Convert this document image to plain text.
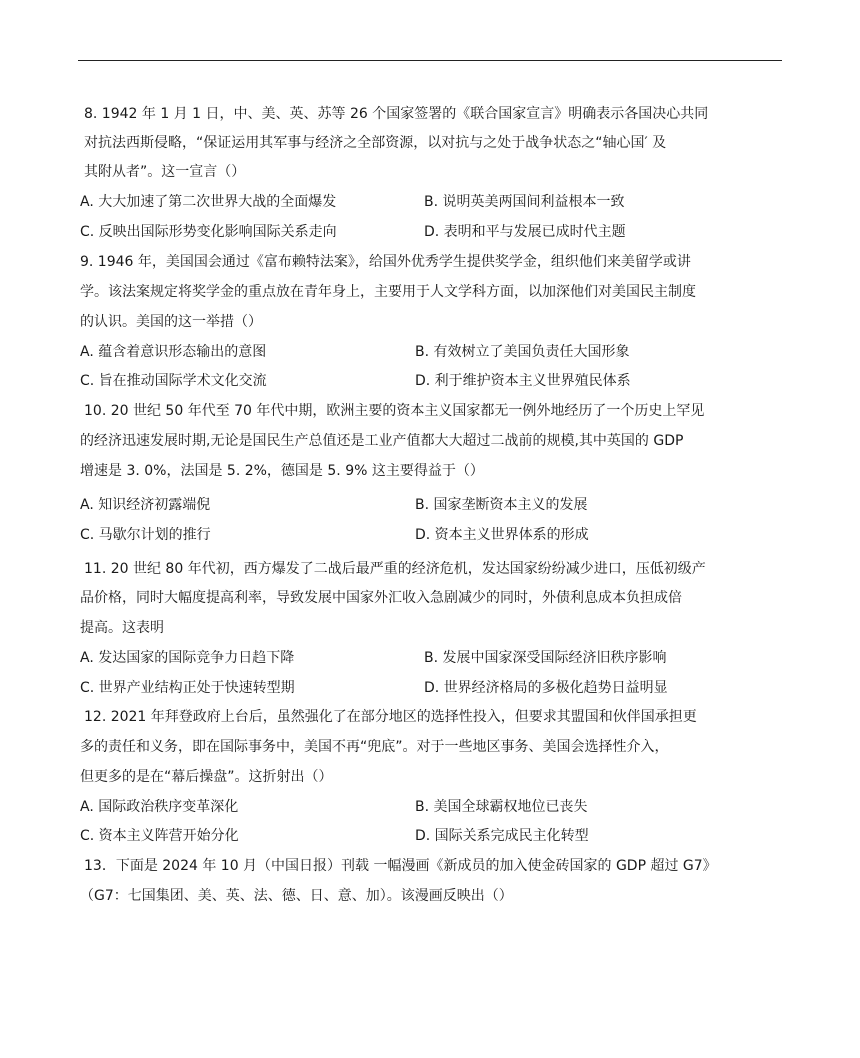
8. 1942 年 1 月 1 日，中、美、英、苏等 26 个国家签署的《联合国家宣言》明确表示各国决心共同
对抗法西斯侵略，“保证运用其军事与经济之全部资源，以对抗与之处于战争状态之“轴心国′ 及
其附从者”。这一宣言（）
A. 大大加速了第二次世界大战的全面爆发	B. 说明英美两国间利益根本一致
C. 反映出国际形势变化影响国际关系走向	D. 表明和平与发展已成时代主题
9. 1946 年，美国国会通过《富布赖特法案》，给国外优秀学生提供奖学金，组织他们来美留学或讲
学。该法案规定将奖学金的重点放在青年身上，主要用于人文学科方面，以加深他们对美国民主制度
的认识。美国的这一举措（）
A. 蕴含着意识形态输出的意图	B. 有效树立了美国负责任大国形象
C. 旨在推动国际学术文化交流	D. 利于维护资本主义世界殖民体系
10. 20 世纪 50 年代至 70 年代中期，欧洲主要的资本主义国家都无一例外地经历了一个历史上罕见
的经济迅速发展时期,无论是国民生产总值还是工业产值都大大超过二战前的规模,其中英国的 GDP
增速是 3. 0%，法国是 5. 2%，德国是 5. 9% 这主要得益于（）
A. 知识经济初露端倪	B. 国家垄断资本主义的发展
C. 马歇尔计划的推行	D. 资本主义世界体系的形成
11. 20 世纪 80 年代初，西方爆发了二战后最严重的经济危机，发达国家纷纷减少进口，压低初级产
品价格，同时大幅度提高利率，导致发展中国家外汇收入急剧减少的同时，外债利息成本负担成倍
提高。这表明
A. 发达国家的国际竞争力日趋下降	B. 发展中国家深受国际经济旧秩序影响
C. 世界产业结构正处于快速转型期	D. 世界经济格局的多极化趋势日益明显
12. 2021 年拜登政府上台后，虽然强化了在部分地区的选择性投入，但要求其盟国和伙伴国承担更
多的责任和义务，即在国际事务中，美国不再“兜底”。对于一些地区事务、美国会选择性介入，
但更多的是在“幕后操盘”。这折射出（）
A. 国际政治秩序变革深化	B. 美国全球霸权地位已丧失
C. 资本主义阵营开始分化	D. 国际关系完成民主化转型
13．下面是 2024 年 10 月（中国日报）刊载 一幅漫画《新成员的加入使金砖国家的 GDP 超过 G7》
（G7：七国集团、美、英、法、德、日、意、加）。该漫画反映出（）
